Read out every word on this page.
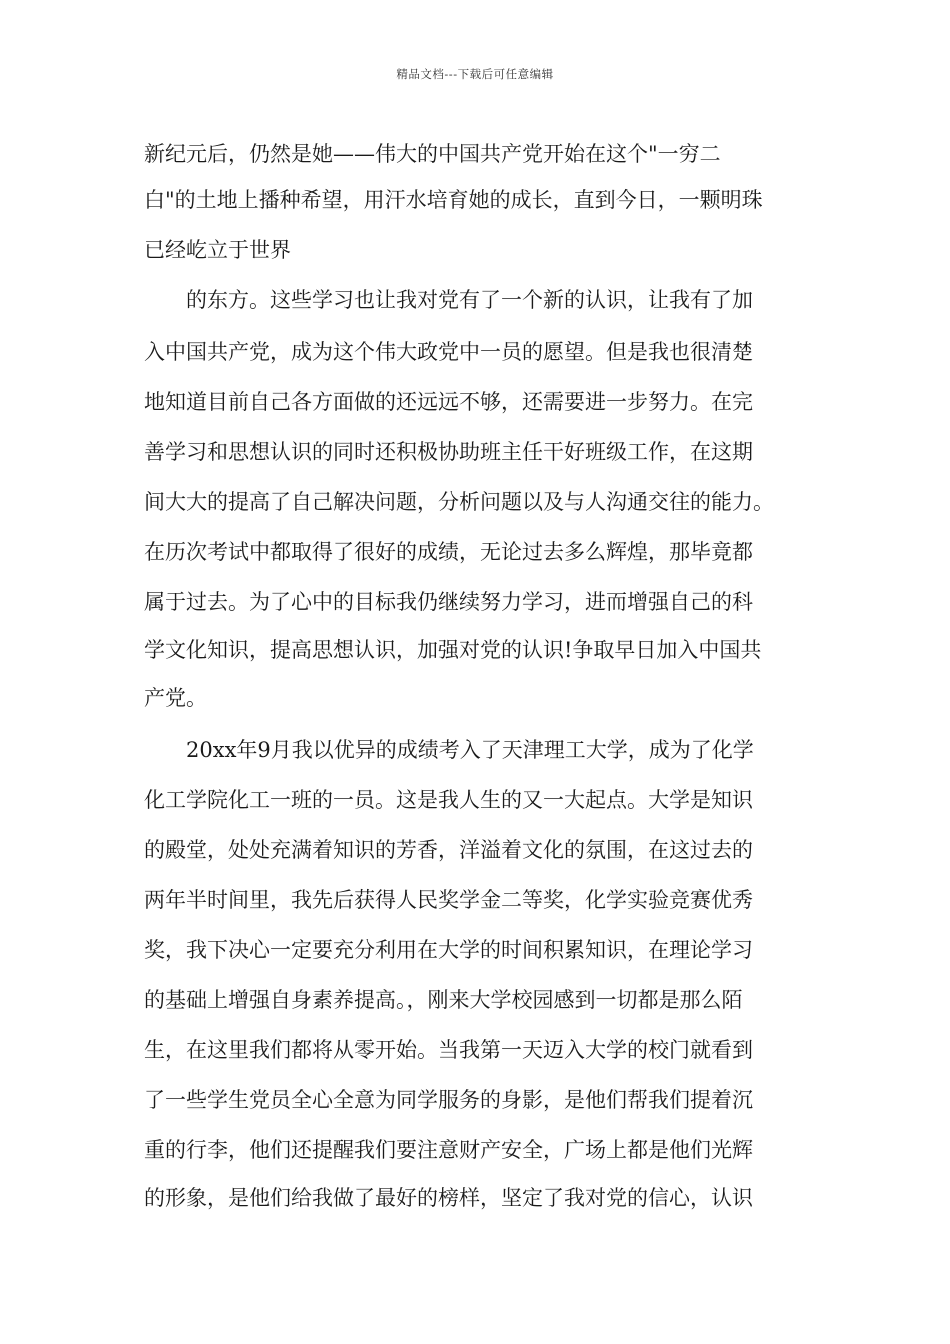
精品文档---下载后可任意编辑
新纪元后，仍然是她——伟大的中国共产党开始在这个"一穷二
白"的土地上播种希望，用汗水培育她的成长，直到今日，一颗明珠
已经屹立于世界
的东方。这些学习也让我对党有了一个新的认识，让我有了加
入中国共产党，成为这个伟大政党中一员的愿望。但是我也很清楚
地知道目前自己各方面做的还远远不够，还需要进一步努力。在完
善学习和思想认识的同时还积极协助班主任干好班级工作，在这期
间大大的提高了自己解决问题，分析问题以及与人沟通交往的能力。
在历次考试中都取得了很好的成绩，无论过去多么辉煌，那毕竟都
属于过去。为了心中的目标我仍继续努力学习，进而增强自己的科
学文化知识，提高思想认识，加强对党的认识!争取早日加入中国共
产党。
20xx年9月我以优异的成绩考入了天津理工大学，成为了化学
化工学院化工一班的一员。这是我人生的又一大起点。大学是知识
的殿堂，处处充满着知识的芳香，洋溢着文化的氛围，在这过去的
两年半时间里，我先后获得人民奖学金二等奖，化学实验竞赛优秀
奖，我下决心一定要充分利用在大学的时间积累知识，在理论学习
的基础上增强自身素养提高。，刚来大学校园感到一切都是那么陌
生，在这里我们都将从零开始。当我第一天迈入大学的校门就看到
了一些学生党员全心全意为同学服务的身影，是他们帮我们提着沉
重的行李，他们还提醒我们要注意财产安全，广场上都是他们光辉
的形象，是他们给我做了最好的榜样，坚定了我对党的信心，认识
